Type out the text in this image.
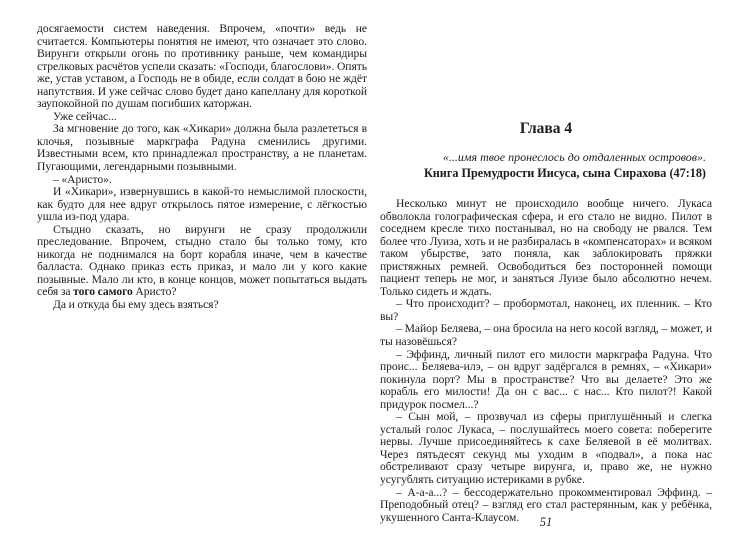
досягаемости систем наведения. Впрочем, «почти» ведь не считается. Компьютеры понятия не имеют, что означает это слово. Вирунги открыли огонь по противнику раньше, чем командиры стрелковых расчётов успели сказать: «Господи, благослови». Опять же, устав уставом, а Господь не в обиде, если солдат в бою не ждёт напутствия. И уже сейчас слово будет дано капеллану для короткой заупокойной по душам погибших каторжан.

Уже сейчас...

За мгновение до того, как «Хикари» должна была разлететься в клочья, позывные маркграфа Радуна сменились другими. Известными всем, кто принадлежал пространству, а не планетам. Пугающими, легендарными позывными.

– «Аристо».

И «Хикари», извернувшись в какой-то немыслимой плоскости, как будто для нее вдруг открылось пятое измерение, с лёгкостью ушла из-под удара.

Стыдно сказать, но вирунги не сразу продолжили преследование. Впрочем, стыдно стало бы только тому, кто никогда не поднимался на борт корабля иначе, чем в качестве балласта. Однако приказ есть приказ, и мало ли у кого какие позывные. Мало ли кто, в конце концов, может попытаться выдать себя за того самого Аристо?

Да и откуда бы ему здесь взяться?

Глава 4
«...имя твое пронеслось до отдаленных островов».
Книга Премудрости Иисуса, сына Сирахова (47:18)

Несколько минут не происходило вообще ничего. Лукаса обволокла голографическая сфера, и его стало не видно. Пилот в соседнем кресле тихо постанывал, но на свободу не рвался. Тем более что Луиза, хоть и не разбиралась в «компенсаторах» и всяком таком убырстве, зато поняла, как заблокировать пряжки пристяжных ремней. Освободиться без посторонней помощи пациент теперь не мог, и заняться Луизе было абсолютно нечем. Только сидеть и ждать.

– Что происходит? – пробормотал, наконец, их пленник. – Кто вы?

– Майор Беляева, – она бросила на него косой взгляд, – может, и ты назовёшься?

– Эффинд, личный пилот его милости маркграфа Радуна. Что проис... Беляева-илэ, – он вдруг задёргался в ремнях, – «Хикари» покинула порт? Мы в пространстве? Что вы делаете? Это же корабль его милости! Да он с вас... с нас... Кто пилот?! Какой придурок посмел...?

– Сын мой, – прозвучал из сферы приглушённый и слегка усталый голос Лукаса, – послушайтесь моего совета: поберегите нервы. Лучше присоединяйтесь к сахе Беляевой в её молитвах. Через пятьдесят секунд мы уходим в «подвал», а пока нас обстреливают сразу четыре вирунга, и, право же, не нужно усугублять ситуацию истериками в рубке.

– А-а-а...? – бессодержательно прокомментировал Эффинд. – Преподобный отец? – взгляд его стал растерянным, как у ребёнка, укушенного Санта-Клаусом.	51
